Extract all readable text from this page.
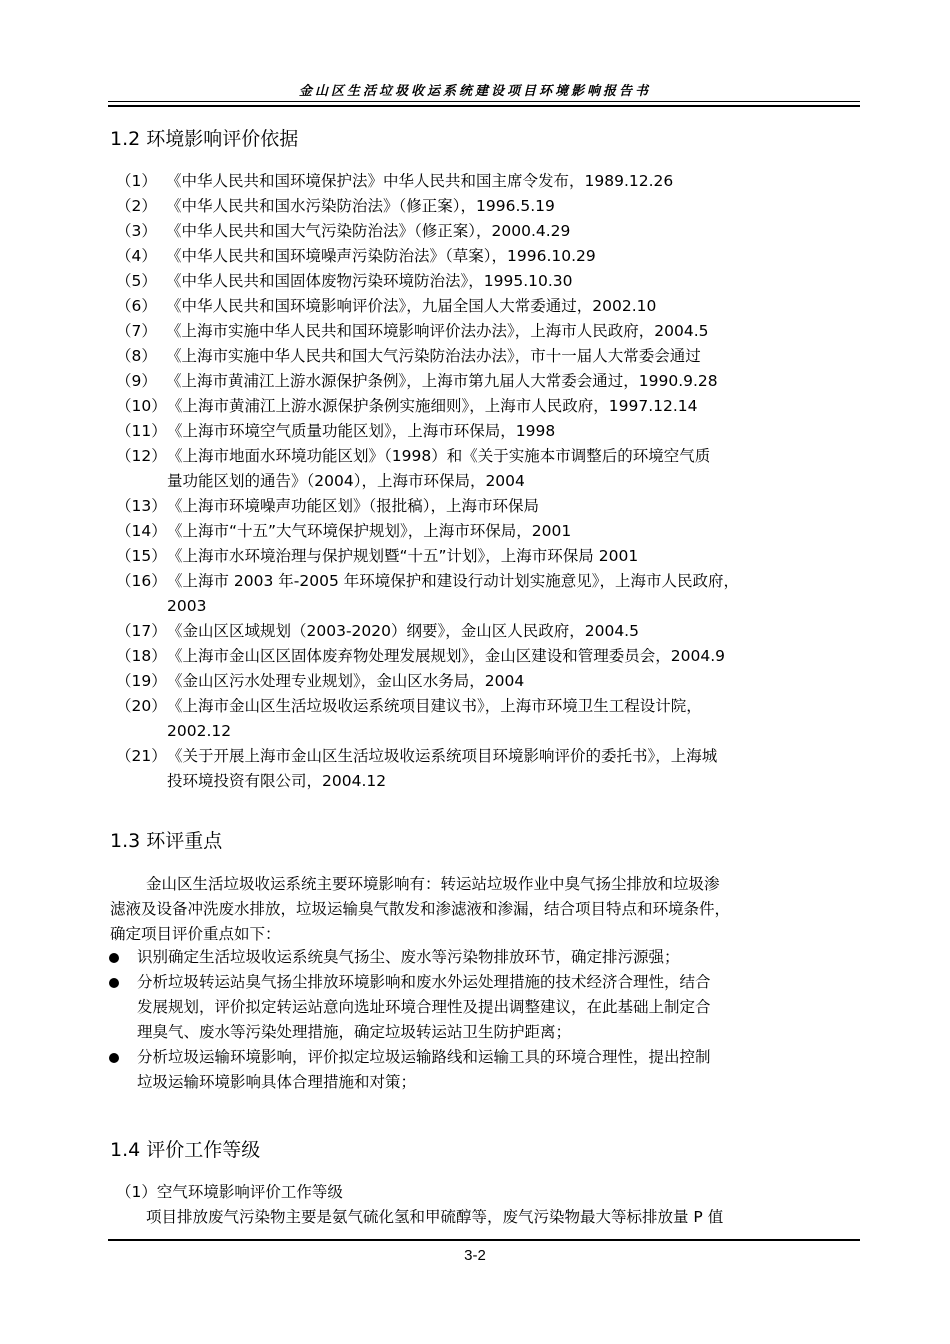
金山区生活垃圾收运系统建设项目环境影响报告书
1.2 环境影响评价依据
（1） 《中华人民共和国环境保护法》中华人民共和国主席令发布，1989.12.26
（2） 《中华人民共和国水污染防治法》（修正案），1996.5.19
（3） 《中华人民共和国大气污染防治法》（修正案），2000.4.29
（4） 《中华人民共和国环境噪声污染防治法》（草案），1996.10.29
（5） 《中华人民共和国固体废物污染环境防治法》，1995.10.30
（6） 《中华人民共和国环境影响评价法》，九届全国人大常委通过，2002.10
（7） 《上海市实施中华人民共和国环境影响评价法办法》，上海市人民政府，2004.5
（8） 《上海市实施中华人民共和国大气污染防治法办法》，市十一届人大常委会通过
（9） 《上海市黄浦江上游水源保护条例》，上海市第九届人大常委会通过，1990.9.28
（10） 《上海市黄浦江上游水源保护条例实施细则》，上海市人民政府，1997.12.14
（11） 《上海市环境空气质量功能区划》，上海市环保局，1998
（12） 《上海市地面水环境功能区划》（1998）和《关于实施本市调整后的环境空气质
量功能区划的通告》（2004），上海市环保局，2004
（13） 《上海市环境噪声功能区划》（报批稿），上海市环保局
（14） 《上海市“十五”大气环境保护规划》，上海市环保局，2001
（15） 《上海市水环境治理与保护规划暨“十五”计划》，上海市环保局 2001
（16） 《上海市 2003 年-2005 年环境保护和建设行动计划实施意见》，上海市人民政府，
2003
（17） 《金山区区域规划（2003-2020）纲要》，金山区人民政府，2004.5
（18） 《上海市金山区区固体废弃物处理发展规划》，金山区建设和管理委员会，2004.9
（19） 《金山区污水处理专业规划》，金山区水务局，2004
（20） 《上海市金山区生活垃圾收运系统项目建议书》，上海市环境卫生工程设计院，
2002.12
（21） 《关于开展上海市金山区生活垃圾收运系统项目环境影响评价的委托书》，上海城
投环境投资有限公司，2004.12
1.3 环评重点
金山区生活垃圾收运系统主要环境影响有：转运站垃圾作业中臭气扬尘排放和垃圾渗
滤液及设备冲洗废水排放，垃圾运输臭气散发和渗滤液和渗漏，结合项目特点和环境条件，
确定项目评价重点如下：
识别确定生活垃圾收运系统臭气扬尘、废水等污染物排放环节，确定排污源强；
分析垃圾转运站臭气扬尘排放环境影响和废水外运处理措施的技术经济合理性，结合
发展规划，评价拟定转运站意向选址环境合理性及提出调整建议，在此基础上制定合
理臭气、废水等污染处理措施，确定垃圾转运站卫生防护距离；
分析垃圾运输环境影响，评价拟定垃圾运输路线和运输工具的环境合理性，提出控制
垃圾运输环境影响具体合理措施和对策；
1.4 评价工作等级
（1）空气环境影响评价工作等级
项目排放废气污染物主要是氨气硫化氢和甲硫醇等，废气污染物最大等标排放量 P 值
3-2
